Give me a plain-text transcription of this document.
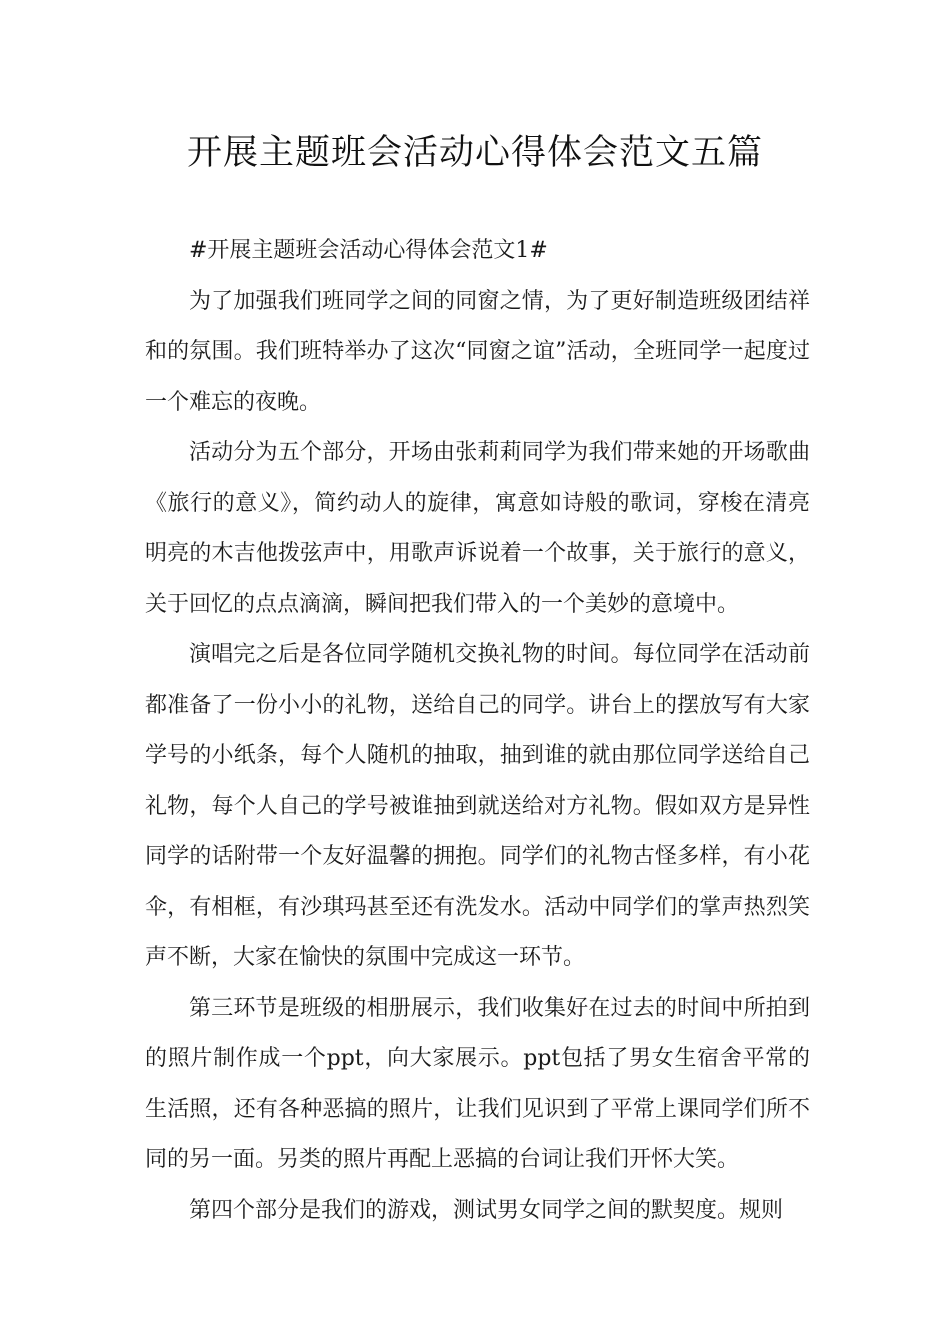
开展主题班会活动心得体会范文五篇

#开展主题班会活动心得体会范文1#

为了加强我们班同学之间的同窗之情，为了更好制造班级团结祥和的氛围。我们班特举办了这次“同窗之谊”活动，全班同学一起度过一个难忘的夜晚。

活动分为五个部分，开场由张莉莉同学为我们带来她的开场歌曲《旅行的意义》，简约动人的旋律，寓意如诗般的歌词，穿梭在清亮明亮的木吉他拨弦声中，用歌声诉说着一个故事，关于旅行的意义，关于回忆的点点滴滴，瞬间把我们带入的一个美妙的意境中。

演唱完之后是各位同学随机交换礼物的时间。每位同学在活动前都准备了一份小小的礼物，送给自己的同学。讲台上的摆放写有大家学号的小纸条，每个人随机的抽取，抽到谁的就由那位同学送给自己礼物，每个人自己的学号被谁抽到就送给对方礼物。假如双方是异性同学的话附带一个友好温馨的拥抱。同学们的礼物古怪多样，有小花伞，有相框，有沙琪玛甚至还有洗发水。活动中同学们的掌声热烈笑声不断，大家在愉快的氛围中完成这一环节。

第三环节是班级的相册展示，我们收集好在过去的时间中所拍到的照片制作成一个ppt，向大家展示。ppt包括了男女生宿舍平常的生活照，还有各种恶搞的照片，让我们见识到了平常上课同学们所不同的另一面。另类的照片再配上恶搞的台词让我们开怀大笑。

第四个部分是我们的游戏，测试男女同学之间的默契度。规则
